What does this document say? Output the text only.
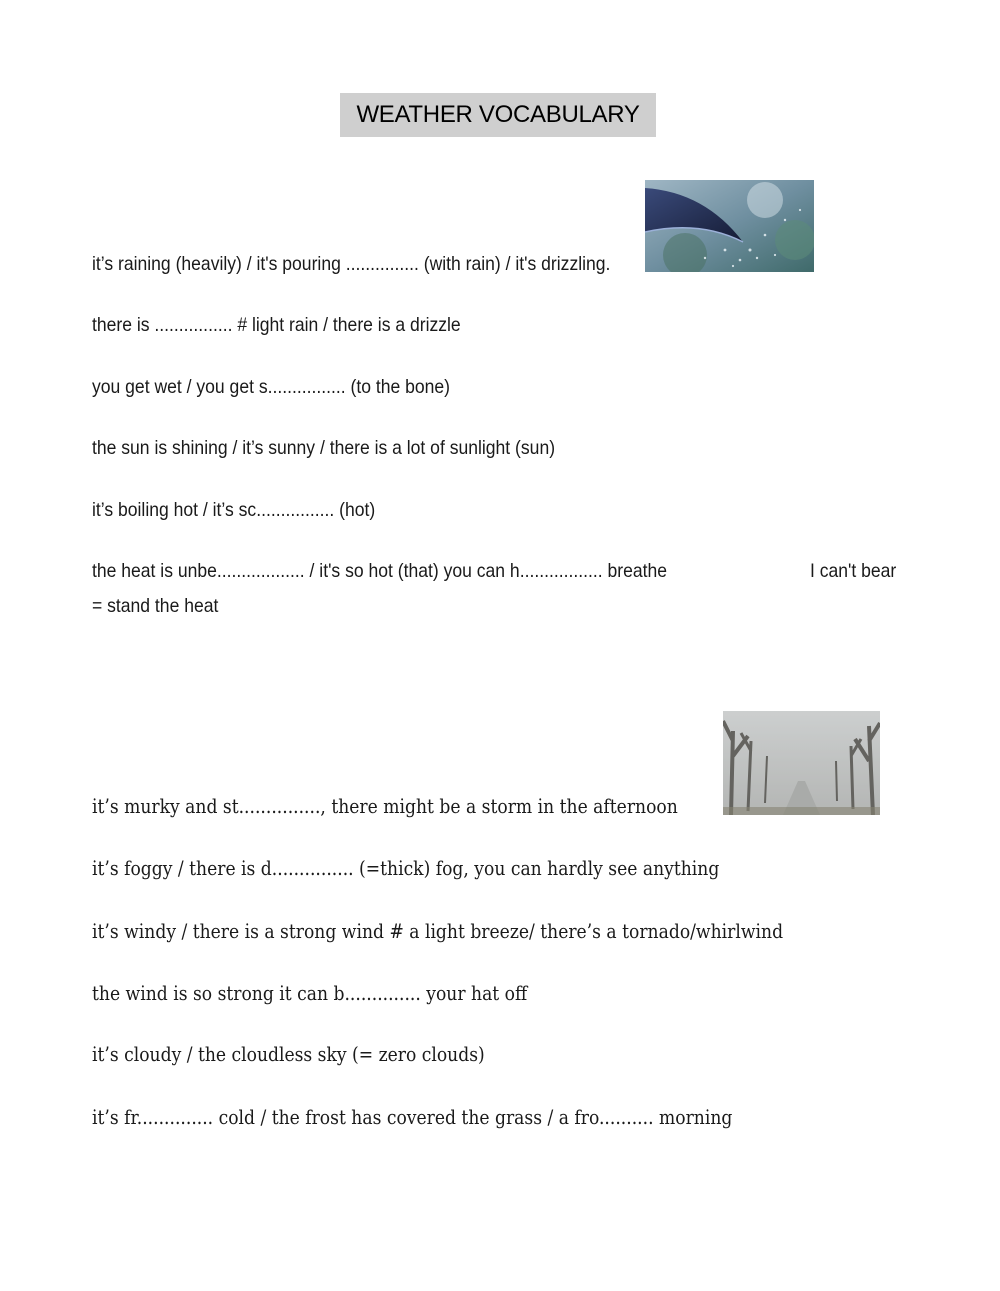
WEATHER VOCABULARY
it’s raining (heavily) / it's pouring ............... (with rain) / it's drizzling.
there is ................ # light rain / there is a drizzle
you get wet / you get s................ (to the bone)
the sun is shining / it’s sunny / there is a lot of sunlight (sun)
it’s boiling hot / it’s sc................ (hot)
the heat is unbe.................. / it's so hot (that) you can h................. breathe	I can't bear
= stand the heat
it’s murky and st..............., there might be a storm in the afternoon
it’s foggy / there is d............... (=thick) fog, you can hardly see anything
it’s windy / there is a strong wind # a light breeze/ there’s a tornado/whirlwind
the wind is so strong it can b.............. your hat off
it’s cloudy / the cloudless sky (= zero clouds)
it’s fr.............. cold / the frost has covered the grass / a fro.......... morning
